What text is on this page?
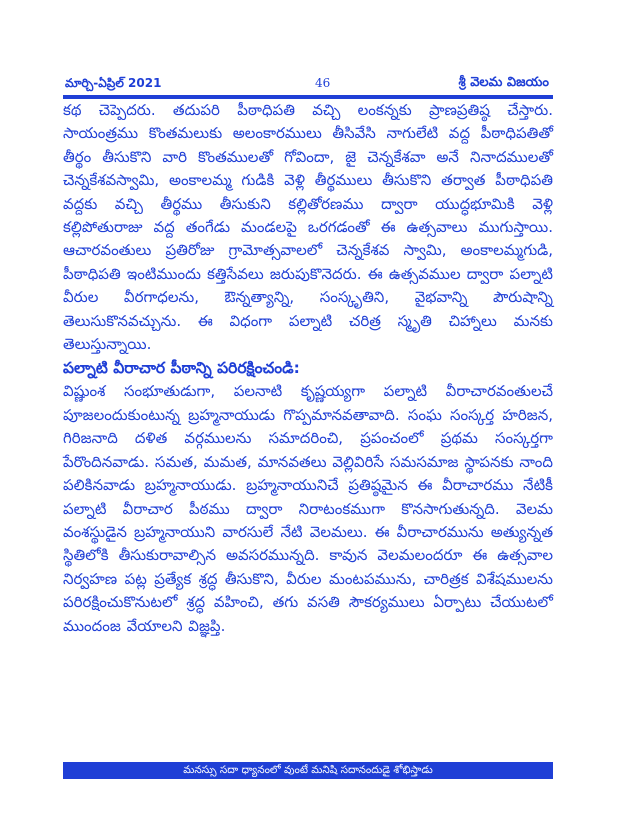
మార్చి-ఏప్రిల్ 2021	46	శ్రీ వెలమ విజయం

కథ చెప్పెదరు. తదుపరి పీఠాధిపతి వచ్చి లంకన్నకు ప్రాణప్రతిష్ఠ చేస్తారు. సాయంత్రము కొంతమలుకు అలంకారములు తీసివేసి నాగులేటి వద్ద పీఠాధిపతితో తీర్థం తీసుకొని వారి కొంతములతో గోవిందా, జై చెన్నకేశవా అనే నినాదములతో చెన్నకేశవస్వామి, అంకాలమ్మ గుడికి వెళ్లి తీర్థములు తీసుకొని తర్వాత పీఠాధిపతి వద్దకు వచ్చి తీర్థము తీసుకుని కల్లితోరణము ద్వారా యుద్ధభూమికి వెళ్లి కల్లిపోతురాజు వద్ద తంగేడు మండలపై ఒరగడంతో ఈ ఉత్సవాలు ముగుస్తాయి. ఆచారవంతులు ప్రతిరోజు గ్రామోత్సవాలలో చెన్నకేశవ స్వామి, అంకాలమ్మగుడి, పీఠాధిపతి ఇంటిముందు కత్తిసేవలు జరుపుకొనెదరు. ఈ ఉత్సవముల ద్వారా పల్నాటి వీరుల వీరగాధలను, ఔన్నత్యాన్ని, సంస్కృతిని, వైభవాన్ని పౌరుషాన్ని తెలుసుకొనవచ్చును. ఈ విధంగా పల్నాటి చరిత్ర స్మృతి చిహ్నాలు మనకు తెలుస్తున్నాయి.

పల్నాటి వీరాచార పీఠాన్ని పరిరక్షించండి:

విష్ణుంశ సంభూతుడుగా, పలనాటి కృష్ణయ్యగా పల్నాటి వీరాచారవంతులచే పూజలందుకుంటున్న బ్రహ్మనాయుడు గొప్పమానవతావాది. సంఘ సంస్కర్త హరిజన, గిరిజనాది దళిత వర్గములను సమాదరించి, ప్రపంచంలో ప్రథమ సంస్కర్తగా పేరొందినవాడు. సమత, మమత, మానవతలు వెల్లివిరిసే సమసమాజ స్థాపనకు నాంది పలికినవాడు బ్రహ్మనాయుడు. బ్రహ్మనాయునిచే ప్రతిష్ఠమైన ఈ వీరాచారము నేటికీ పల్నాటి వీరాచార పీఠము ద్వారా నిరాటంకముగా కొనసాగుతున్నది. వెలమ వంశస్థుడైన బ్రహ్మనాయుని వారసులే నేటి వెలమలు. ఈ వీరాచారమును అత్యున్నత స్థితిలోకి తీసుకురావాల్సిన అవసరమున్నది. కావున వెలమలందరూ ఈ ఉత్సవాల నిర్వహణ పట్ల ప్రత్యేక శ్రద్ధ తీసుకొని, వీరుల మంటపమును, చారిత్రక విశేషములను పరిరక్షించుకొనుటలో శ్రద్ధ వహించి, తగు వసతి సౌకర్యములు ఏర్పాటు చేయుటలో ముందంజ వేయాలని విజ్ఞప్తి.

మనస్సు సదా ధ్యానంలో వుంటే మనిషి సదానందుడై శోభిస్తాడు
